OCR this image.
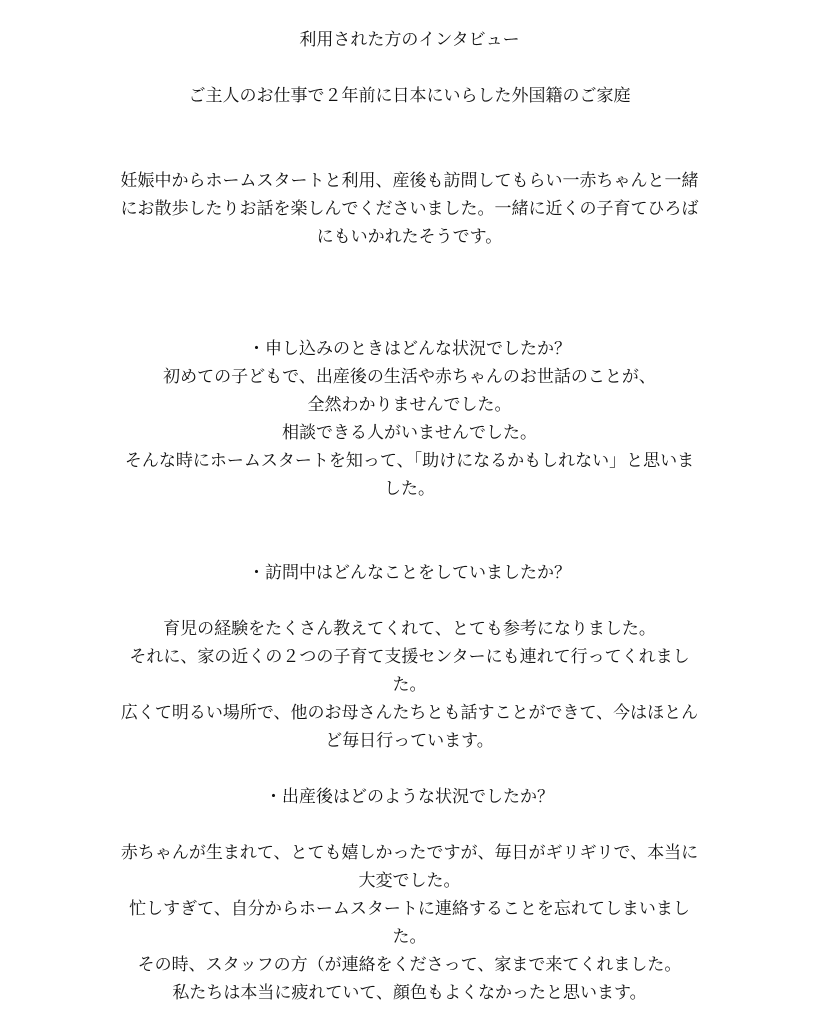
利用された方のインタビュー
ご主人のお仕事で２年前に日本にいらした外国籍のご家庭
妊娠中からホームスタートと利用、産後も訪問してもらい一赤ちゃんと一緒
にお散歩したりお話を楽しんでくださいました。一緒に近くの子育てひろば
にもいかれたそうです。
・申し込みのときはどんな状況でしたか？
初めての子どもで、出産後の生活や赤ちゃんのお世話のことが、
全然わかりませんでした。
相談できる人がいませんでした。
そんな時にホームスタートを知って、「助けになるかもしれない」と思いま
した。
・訪問中はどんなことをしていましたか？
育児の経験をたくさん教えてくれて、とても参考になりました。
それに、家の近くの２つの子育て支援センターにも連れて行ってくれまし
た。
広くて明るい場所で、他のお母さんたちとも話すことができて、今はほとん
ど毎日行っています。
・出産後はどのような状況でしたか？
赤ちゃんが生まれて、とても嬉しかったですが、毎日がギリギリで、本当に
大変でした。
忙しすぎて、自分からホームスタートに連絡することを忘れてしまいまし
た。
その時、スタッフの方（が連絡をくださって、家まで来てくれました。
私たちは本当に疲れていて、顔色もよくなかったと思います。
